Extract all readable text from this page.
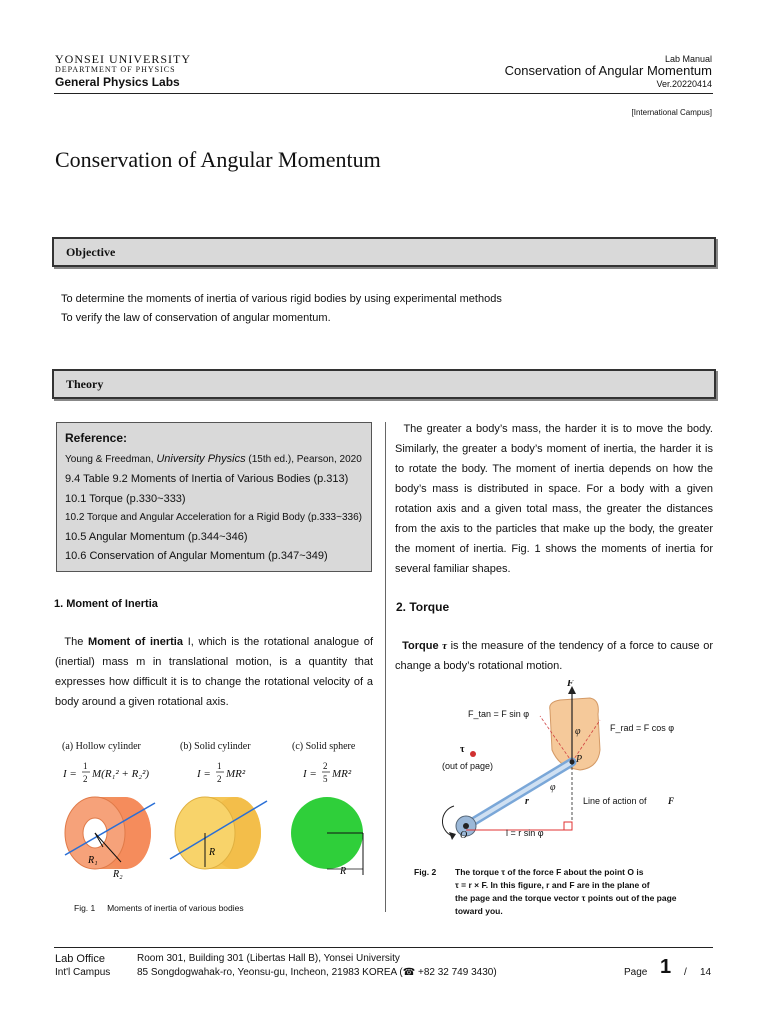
YONSEI UNIVERSITY
DEPARTMENT OF PHYSICS
General Physics Labs
Lab Manual
Conservation of Angular Momentum
Ver.20220414
[International Campus]
Conservation of Angular Momentum
Objective
To determine the moments of inertia of various rigid bodies by using experimental methods
To verify the law of conservation of angular momentum.
Theory
Reference:
Young & Freedman, University Physics (15th ed.), Pearson, 2020
9.4 Table 9.2 Moments of Inertia of Various Bodies (p.313)
10.1 Torque (p.330~333)
10.2 Torque and Angular Acceleration for a Rigid Body (p.333~336)
10.5 Angular Momentum (p.344~346)
10.6 Conservation of Angular Momentum (p.347~349)
1. Moment of Inertia
The Moment of inertia I, which is the rotational analogue of (inertial) mass m in translational motion, is a quantity that expresses how difficult it is to change the rotational velocity of a body around a given rotational axis.
(a) Hollow cylinder	(b) Solid cylinder	(c) Solid sphere
I =
1
2 M(R₁² + R₂²)	I =
1
2 MR²	I =
2
5 MR²
R₁
R₂
R
R
Fig. 1 Moments of inertia of various bodies
The greater a body’s mass, the harder it is to move the body. Similarly, the greater a body’s moment of inertia, the harder it is to rotate the body. The moment of inertia depends on how the body’s mass is distributed in space. For a body with a given rotation axis and a given total mass, the greater the distances from the axis to the particles that make up the body, the greater the moment of inertia. Fig. 1 shows the moments of inertia for several familiar shapes.
2. Torque
Torque τ is the measure of the tendency of a force to cause or change a body’s rotational motion.
F
P
r
φ
φ
O
τ
F_tan = F sin φ
F_rad = F cos φ
(out of page)
Line of action of F
l = r sin φ
Fig. 2 The torque τ of the force F about the point O is
τ = r × F. In this figure, r and F are in the plane of
the page and the torque vector τ points out of the page
toward you.
Lab Office
Int'l Campus
Room 301, Building 301 (Libertas Hall B), Yonsei University
85 Songdogwahak-ro, Yeonsu-gu, Incheon, 21983 KOREA (☎ +82 32 749 3430)	Page 1 / 14
